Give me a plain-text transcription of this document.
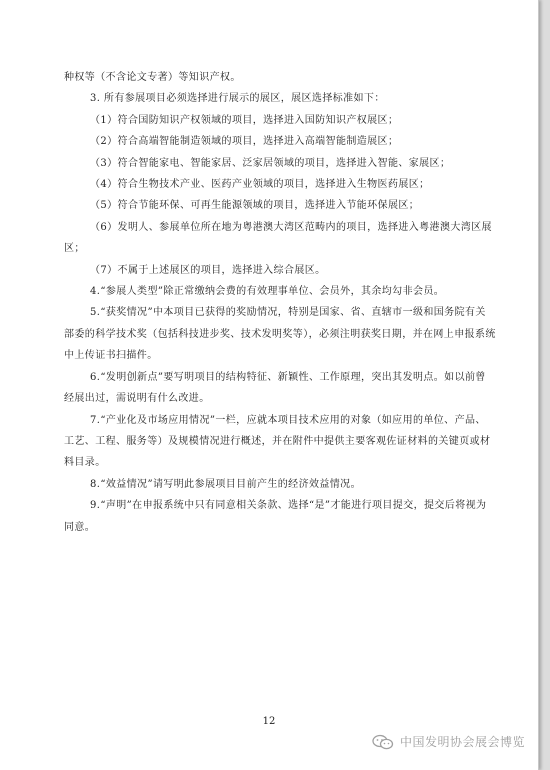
种权等（不含论文专著）等知识产权。

3. 所有参展项目必须选择进行展示的展区，展区选择标准如下：

（1）符合国防知识产权领域的项目，选择进入国防知识产权展区；

（2）符合高端智能制造领域的项目，选择进入高端智能制造展区；

（3）符合智能家电、智能家居、泛家居领域的项目，选择进入智能、家展区；

（4）符合生物技术产业、医药产业领域的项目，选择进入生物医药展区；

（5）符合节能环保、可再生能源领域的项目，选择进入节能环保展区；

（6）发明人、参展单位所在地为粤港澳大湾区范畴内的项目，选择进入粤港澳大湾区展区；

（7）不属于上述展区的项目，选择进入综合展区。

4.“参展人类型”除正常缴纳会费的有效理事单位、会员外，其余均勾非会员。

5.“获奖情况”中本项目已获得的奖励情况，特别是国家、省、直辖市一级和国务院有关部委的科学技术奖（包括科技进步奖、技术发明奖等），必须注明获奖日期，并在网上申报系统中上传证书扫描件。

6.“发明创新点”要写明项目的结构特征、新颖性、工作原理，突出其发明点。如以前曾经展出过，需说明有什么改进。

7.“产业化及市场应用情况”一栏，应就本项目技术应用的对象（如应用的单位、产品、工艺、工程、服务等）及规模情况进行概述，并在附件中提供主要客观佐证材料的关键页或材料目录。

8.“效益情况”请写明此参展项目目前产生的经济效益情况。

9.“声明”在申报系统中只有同意相关条款、选择“是”才能进行项目提交，提交后将视为同意。

12
中国发明协会展会博览
